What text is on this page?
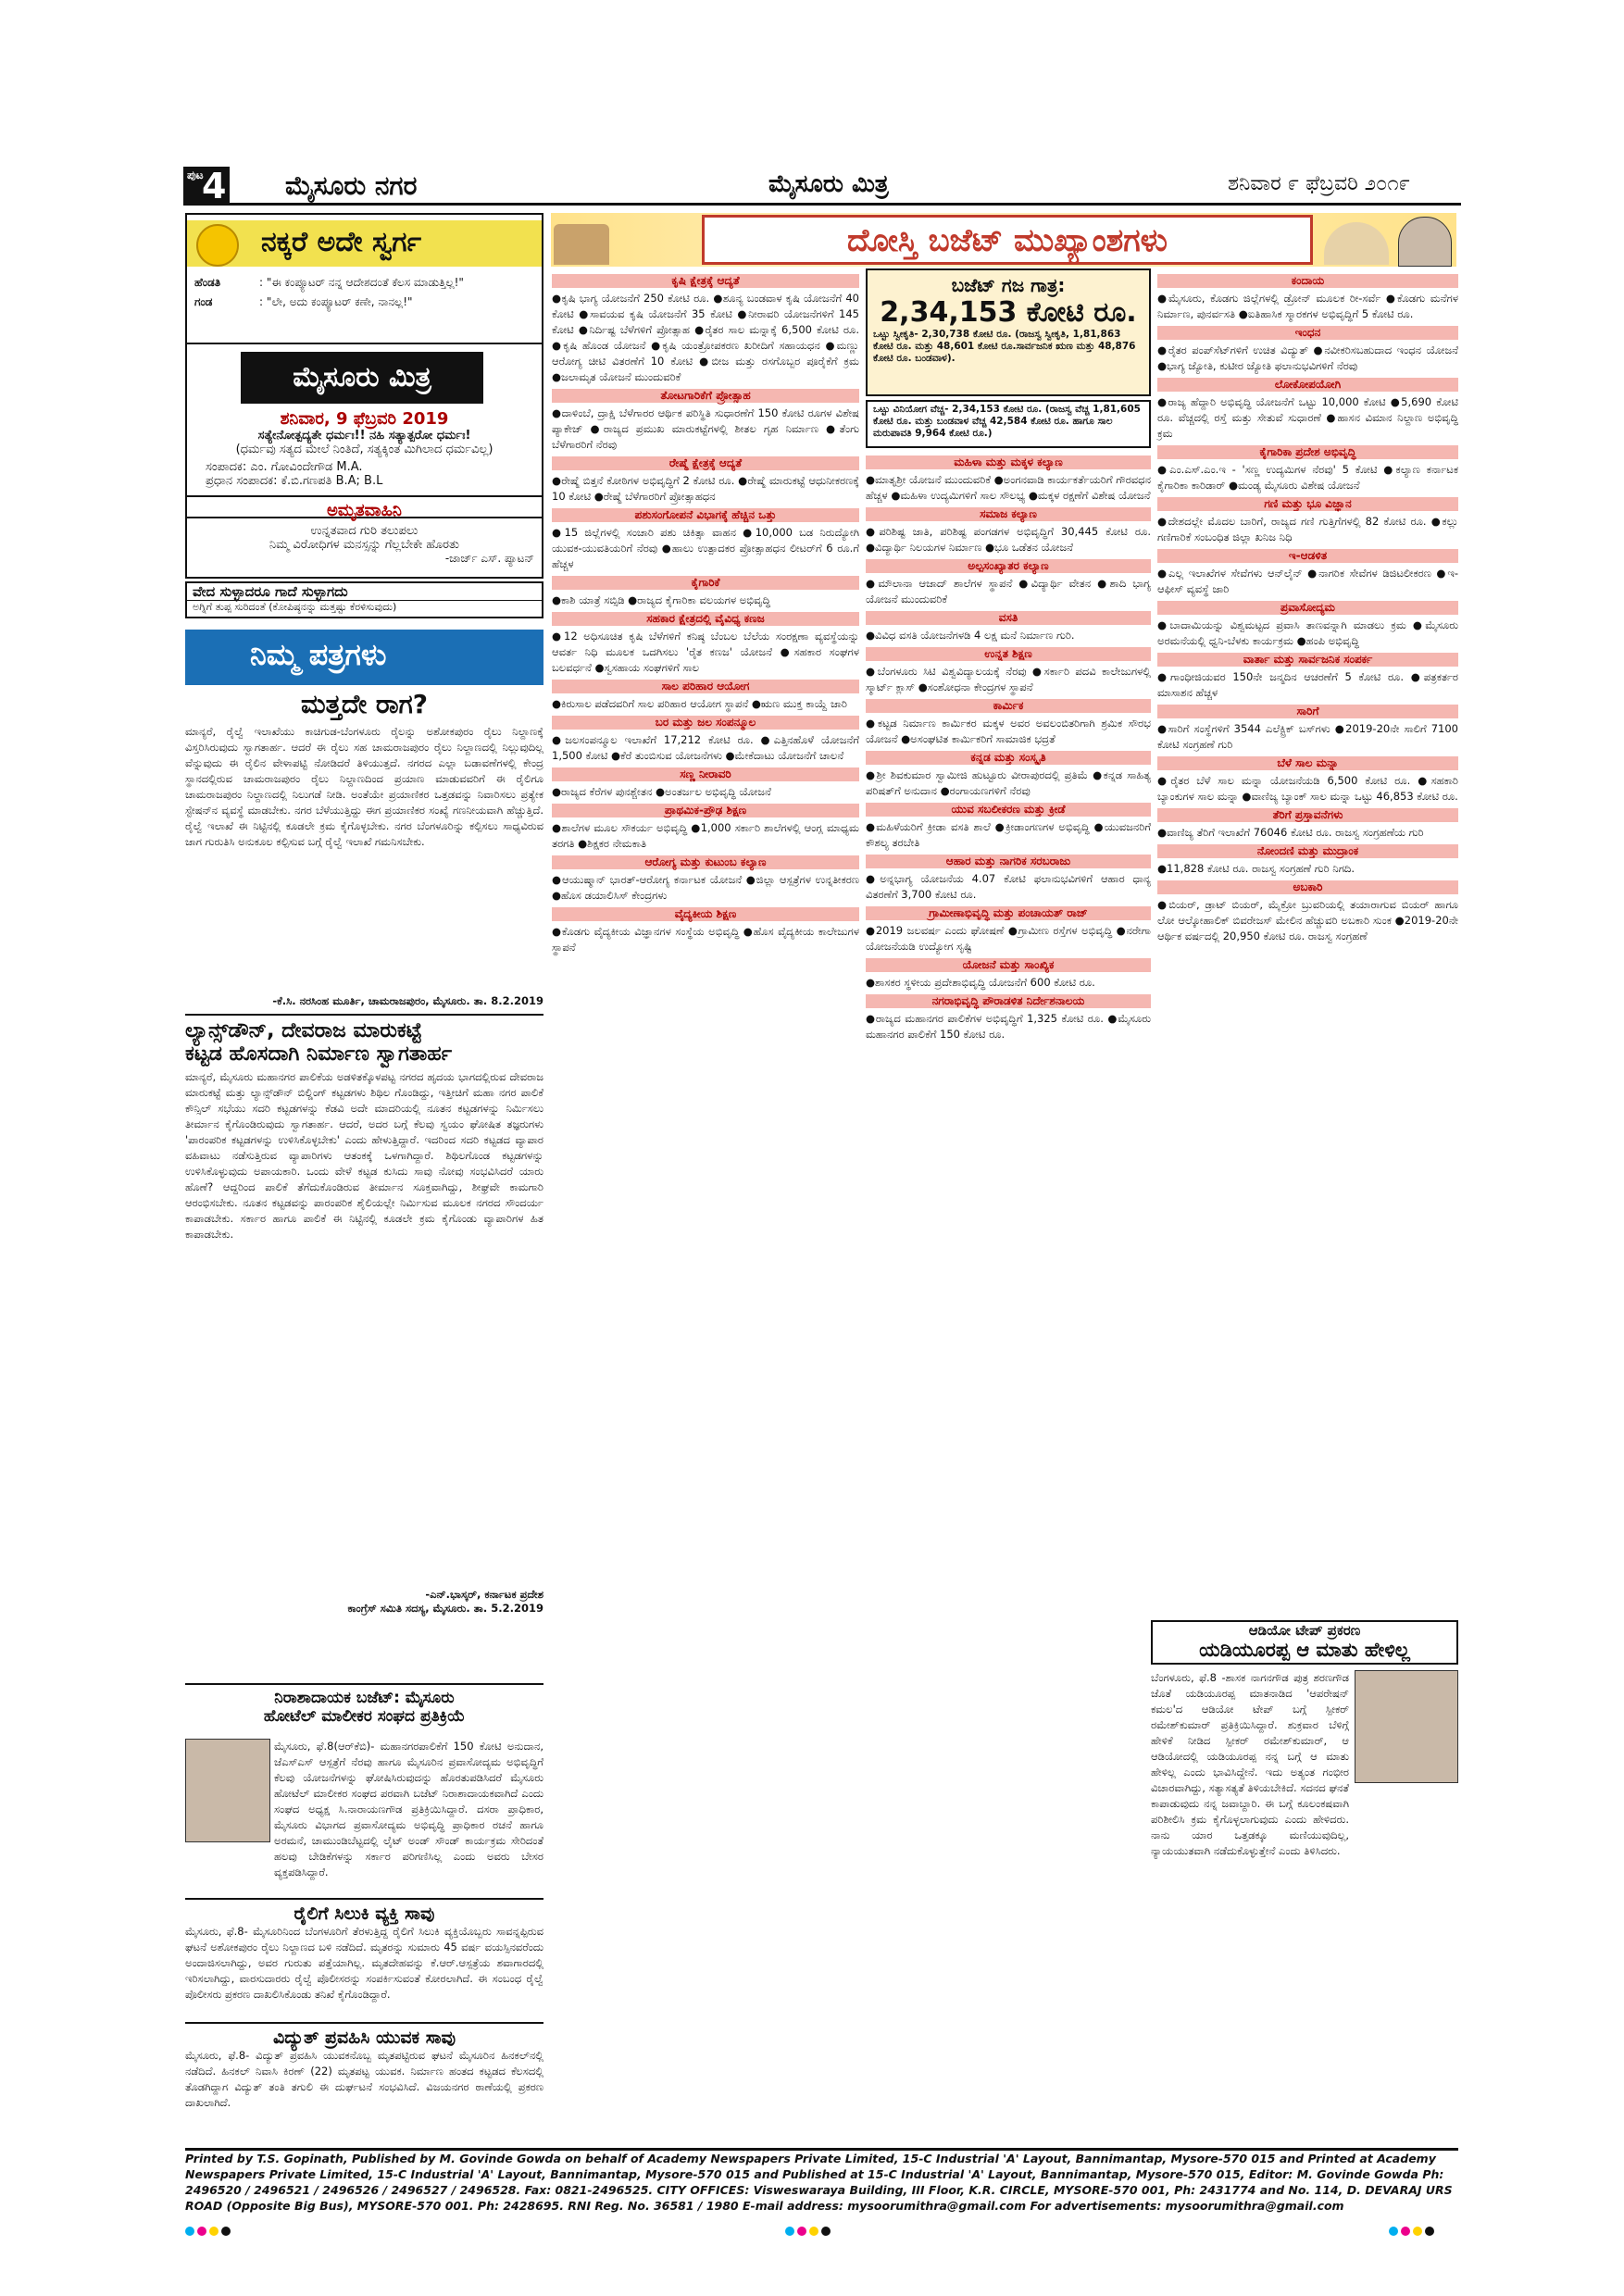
ಪುಟ
4 ಮೈಸೂರು ನಗರ	ಮೈಸೂರು ಮಿತ್ರ	ಶನಿವಾರ ೯ ಫೆಬ್ರವರಿ ೨೦೧೯
ನಕ್ಕರೆ ಅದೇ ಸ್ವರ್ಗ
ಹೆಂಡತಿ	: "ಈ ಕಂಪ್ಯೂಟರ್ ನನ್ನ ಆದೇಶದಂತೆ ಕೆಲಸ ಮಾಡುತ್ತಿಲ್ಲ!"
ಗಂಡ	: "ಲೇ, ಅದು ಕಂಪ್ಯೂಟರ್ ಕಣೇ, ನಾನಲ್ಲ!"
ಮೈಸೂರು ಮಿತ್ರ
ಶನಿವಾರ, 9 ಫೆಬ್ರವರಿ 2019
ಸತ್ಯೇನೋತ್ಪದ್ಯತೇ ಧರ್ಮಃ!! ನಹಿ ಸತ್ಯಾತ್ಪರೋ ಧರ್ಮಃ!
(ಧರ್ಮವು ಸತ್ಯದ ಮೇಲೆ ನಿಂತಿದೆ, ಸತ್ಯಕ್ಕಿಂತ ಮಿಗಿಲಾದ ಧರ್ಮವಿಲ್ಲ)
ಸಂಪಾದಕ: ಎಂ. ಗೋವಿಂದೇಗೌಡ M.A.
ಪ್ರಧಾನ ಸಂಪಾದಕ: ಕೆ.ಬಿ.ಗಣಪತಿ B.A; B.L
ಅಮೃತವಾಹಿನಿ
ಉನ್ನತವಾದ ಗುರಿ ತಲುಪಲು
ನಿಮ್ಮ ವಿರೋಧಿಗಳ ಮನಸ್ಸನ್ನು ಗೆಲ್ಲಬೇಕೇ ಹೊರತು
-ಜಾರ್ಜ್ ಎಸ್. ಪ್ಯಾಟನ್
ವೇದ ಸುಳ್ಳಾದರೂ ಗಾದೆ ಸುಳ್ಳಾಗದು
ಅಗ್ನಿಗೆ ತುಪ್ಪ ಸುರಿದಂತೆ (ಕೋಪಿಷ್ಠನನ್ನು ಮತ್ತಷ್ಟು ಕೆರಳಿಸುವುದು)
ನಿಮ್ಮ ಪತ್ರಗಳು
ಮತ್ತದೇ ರಾಗ?
ಮಾನ್ಯರೆ, ರೈಲ್ವೆ ಇಲಾಖೆಯು ಕಾಚಿಗುಡ-ಬೆಂಗಳೂರು ರೈಲನ್ನು ಅಶೋಕಪುರಂ ರೈಲು ನಿಲ್ದಾಣಕ್ಕೆ ವಿಸ್ತರಿಸಿರುವುದು ಸ್ವಾಗತಾರ್ಹ. ಆದರೆ ಈ ರೈಲು ಸಹ ಚಾಮರಾಜಪುರಂ ರೈಲು ನಿಲ್ದಾಣದಲ್ಲಿ ನಿಲ್ಲುವುದಿಲ್ಲ ವೆನ್ನುವುದು ಈ ರೈಲಿನ ವೇಳಾಪಟ್ಟಿ ನೋಡಿದರೆ ತಿಳಿಯುತ್ತದೆ. ನಗರದ ಎಲ್ಲಾ ಬಡಾವಣೆಗಳಲ್ಲಿ ಕೇಂದ್ರ ಸ್ಥಾನದಲ್ಲಿರುವ ಚಾಮರಾಜಪುರಂ ರೈಲು ನಿಲ್ದಾಣದಿಂದ ಪ್ರಯಾಣ ಮಾಡುವವರಿಗೆ ಈ ರೈಲಿಗೂ ಚಾಮರಾಜಪುರಂ ನಿಲ್ದಾಣದಲ್ಲಿ ನಿಲುಗಡೆ ನೀಡಿ. ಅಂತೆಯೇ ಪ್ರಯಾಣಿಕರ ಒತ್ತಡವನ್ನು ನಿವಾರಿಸಲು ಪ್ರತ್ಯೇಕ ಸ್ಟೇಷನ್‌ನ ವ್ಯವಸ್ಥೆ ಮಾಡಬೇಕು. ನಗರ ಬೆಳೆಯುತ್ತಿದ್ದು ಈಗ ಪ್ರಯಾಣಿಕರ ಸಂಖ್ಯೆ ಗಣನೀಯವಾಗಿ ಹೆಚ್ಚುತ್ತಿದೆ. ರೈಲ್ವೆ ಇಲಾಖೆ ಈ ನಿಟ್ಟಿನಲ್ಲಿ ಕೂಡಲೇ ಕ್ರಮ ಕೈಗೊಳ್ಳಬೇಕು. ನಗರ ಬೆಂಗಳೂರಿನ್ನು ಕಲ್ಪಿಸಲು ಸಾಧ್ಯವಿರುವ ಜಾಗ ಗುರುತಿಸಿ ಅನುಕೂಲ ಕಲ್ಪಿಸುವ ಬಗ್ಗೆ ರೈಲ್ವೆ ಇಲಾಖೆ ಗಮನಿಸಬೇಕು.
-ಕೆ.ಸಿ. ನರಸಿಂಹ ಮೂರ್ತಿ, ಚಾಮರಾಜಪುರಂ, ಮೈಸೂರು. ತಾ. 8.2.2019
ಲ್ಯಾನ್ಸ್‌ಡೌನ್, ದೇವರಾಜ ಮಾರುಕಟ್ಟೆ
ಕಟ್ಟಡ ಹೊಸದಾಗಿ ನಿರ್ಮಾಣ ಸ್ವಾಗತಾರ್ಹ
ಮಾನ್ಯರೆ, ಮೈಸೂರು ಮಹಾನಗರ ಪಾಲಿಕೆಯ ಅಡಳಿತಕ್ಕೊಳಪಟ್ಟ ನಗರದ ಹೃದಯ ಭಾಗದಲ್ಲಿರುವ ದೇವರಾಜ ಮಾರುಕಟ್ಟೆ ಮತ್ತು ಲ್ಯಾನ್ಸ್‌ಡೌನ್ ಬಿಲ್ಡಿಂಗ್ ಕಟ್ಟಡಗಳು ಶಿಥಿಲ ಗೊಂಡಿದ್ದು, ಇತ್ತೀಚಿಗೆ ಮಹಾ ನಗರ ಪಾಲಿಕೆ ಕೌನ್ಸಿಲ್ ಸಭೆಯು ಸದರಿ ಕಟ್ಟಡಗಳನ್ನು ಕೆಡವಿ ಅದೇ ಮಾದರಿಯಲ್ಲಿ ನೂತನ ಕಟ್ಟಡಗಳನ್ನು ನಿರ್ಮಿಸಲು ತೀರ್ಮಾನ ಕೈಗೊಂಡಿರುವುದು ಸ್ವಾಗತಾರ್ಹ. ಆದರೆ, ಅದರ ಬಗ್ಗೆ ಕೆಲವು ಸ್ವಯಂ ಘೋಷಿತ ತಜ್ಞರುಗಳು 'ಪಾರಂಪರಿಕ ಕಟ್ಟಡಗಳನ್ನು ಉಳಿಸಿಕೊಳ್ಳಬೇಕು' ಎಂದು ಹೇಳುತ್ತಿದ್ದಾರೆ. ಇದರಿಂದ ಸದರಿ ಕಟ್ಟಡದ ವ್ಯಾಪಾರ ವಹಿವಾಟು ನಡೆಸುತ್ತಿರುವ ವ್ಯಾಪಾರಿಗಳು ಆತಂಕಕ್ಕೆ ಒಳಗಾಗಿದ್ದಾರೆ. ಶಿಥಿಲಗೊಂಡ ಕಟ್ಟಡಗಳನ್ನು ಉಳಿಸಿಕೊಳ್ಳುವುದು ಅಪಾಯಕಾರಿ. ಒಂದು ವೇಳೆ ಕಟ್ಟಡ ಕುಸಿದು ಸಾವು ನೋವು ಸಂಭವಿಸಿದರೆ ಯಾರು ಹೊಣೆ? ಆದ್ದರಿಂದ ಪಾಲಿಕೆ ತೆಗೆದುಕೊಂಡಿರುವ ತೀರ್ಮಾನ ಸೂಕ್ತವಾಗಿದ್ದು, ಶೀಘ್ರವೇ ಕಾಮಗಾರಿ ಆರಂಭಿಸಬೇಕು. ನೂತನ ಕಟ್ಟಡವನ್ನು ಪಾರಂಪರಿಕ ಶೈಲಿಯಲ್ಲೇ ನಿರ್ಮಿಸುವ ಮೂಲಕ ನಗರದ ಸೌಂದರ್ಯ ಕಾಪಾಡಬೇಕು. ಸರ್ಕಾರ ಹಾಗೂ ಪಾಲಿಕೆ ಈ ನಿಟ್ಟಿನಲ್ಲಿ ಕೂಡಲೇ ಕ್ರಮ ಕೈಗೊಂಡು ವ್ಯಾಪಾರಿಗಳ ಹಿತ ಕಾಪಾಡಬೇಕು.
-ಎನ್.ಭಾಸ್ಕರ್, ಕರ್ನಾಟಕ ಪ್ರದೇಶ
ಕಾಂಗ್ರೆಸ್ ಸಮಿತಿ ಸದಸ್ಯ, ಮೈಸೂರು. ತಾ. 5.2.2019
ನಿರಾಶಾದಾಯಕ ಬಜೆಟ್: ಮೈಸೂರು
ಹೋಟೆಲ್ ಮಾಲೀಕರ ಸಂಘದ ಪ್ರತಿಕ್ರಿಯೆ
ಮೈಸೂರು, ಫೆ.8(ಆರ್‌ಕೆಬಿ)- ಮಹಾನಗರಪಾಲಿಕೆಗೆ 150 ಕೋಟಿ ಅನುದಾನ, ಜೆಎಸ್‌ಎಸ್ ಆಸ್ಪತ್ರೆಗೆ ನೆರವು ಹಾಗೂ ಮೈಸೂರಿನ ಪ್ರವಾಸೋದ್ಯಮ ಅಭಿವೃದ್ಧಿಗೆ ಕೆಲವು ಯೋಜನೆಗಳನ್ನು ಘೋಷಿಸಿರುವುದನ್ನು ಹೊರತುಪಡಿಸಿದರೆ ಮೈಸೂರು ಹೋಟೆಲ್ ಮಾಲೀಕರ ಸಂಘದ ಪರವಾಗಿ ಬಜೆಟ್ ನಿರಾಶಾದಾಯಕವಾಗಿದೆ ಎಂದು ಸಂಘದ ಅಧ್ಯಕ್ಷ ಸಿ.ನಾರಾಯಣಗೌಡ ಪ್ರತಿಕ್ರಿಯಿಸಿದ್ದಾರೆ. ದಸರಾ ಪ್ರಾಧಿಕಾರ, ಮೈಸೂರು ವಿಭಾಗದ ಪ್ರವಾಸೋದ್ಯಮ ಅಭಿವೃದ್ಧಿ ಪ್ರಾಧಿಕಾರ ರಚನೆ ಹಾಗೂ ಅರಮನೆ, ಚಾಮುಂಡಿಬೆಟ್ಟದಲ್ಲಿ ಲೈಟ್ ಅಂಡ್ ಸೌಂಡ್ ಕಾರ್ಯಕ್ರಮ ಸೇರಿದಂತೆ ಹಲವು ಬೇಡಿಕೆಗಳನ್ನು ಸರ್ಕಾರ ಪರಿಗಣಿಸಿಲ್ಲ ಎಂದು ಅವರು ಬೇಸರ ವ್ಯಕ್ತಪಡಿಸಿದ್ದಾರೆ.
ರೈಲಿಗೆ ಸಿಲುಕಿ ವ್ಯಕ್ತಿ ಸಾವು
ಮೈಸೂರು, ಫೆ.8- ಮೈಸೂರಿನಿಂದ ಬೆಂಗಳೂರಿಗೆ ತೆರಳುತ್ತಿದ್ದ ರೈಲಿಗೆ ಸಿಲುಕಿ ವ್ಯಕ್ತಿಯೊಬ್ಬರು ಸಾವನ್ನಪ್ಪಿರುವ ಘಟನೆ ಅಶೋಕಪುರಂ ರೈಲು ನಿಲ್ದಾಣದ ಬಳಿ ನಡೆದಿದೆ. ಮೃತರನ್ನು ಸುಮಾರು 45 ವರ್ಷ ವಯಸ್ಸಿನವರೆಂದು ಅಂದಾಜಿಸಲಾಗಿದ್ದು, ಅವರ ಗುರುತು ಪತ್ತೆಯಾಗಿಲ್ಲ. ಮೃತದೇಹವನ್ನು ಕೆ.ಆರ್.ಆಸ್ಪತ್ರೆಯ ಶವಾಗಾರದಲ್ಲಿ ಇರಿಸಲಾಗಿದ್ದು, ವಾರಸುದಾರರು ರೈಲ್ವೆ ಪೊಲೀಸರನ್ನು ಸಂಪರ್ಕಿಸುವಂತೆ ಕೋರಲಾಗಿದೆ. ಈ ಸಂಬಂಧ ರೈಲ್ವೆ ಪೊಲೀಸರು ಪ್ರಕರಣ ದಾಖಲಿಸಿಕೊಂಡು ತನಿಖೆ ಕೈಗೊಂಡಿದ್ದಾರೆ.
ವಿದ್ಯುತ್ ಪ್ರವಹಿಸಿ ಯುವಕ ಸಾವು
ಮೈಸೂರು, ಫೆ.8- ವಿದ್ಯುತ್ ಪ್ರವಹಿಸಿ ಯುವಕನೊಬ್ಬ ಮೃತಪಟ್ಟಿರುವ ಘಟನೆ ಮೈಸೂರಿನ ಹಿನಕಲ್‌ನಲ್ಲಿ ನಡೆದಿದೆ. ಹಿನಕಲ್ ನಿವಾಸಿ ಕಿರಣ್ (22) ಮೃತಪಟ್ಟ ಯುವಕ. ನಿರ್ಮಾಣ ಹಂತದ ಕಟ್ಟಡದ ಕೆಲಸದಲ್ಲಿ ತೊಡಗಿದ್ದಾಗ ವಿದ್ಯುತ್ ತಂತಿ ತಗುಲಿ ಈ ದುರ್ಘಟನೆ ಸಂಭವಿಸಿದೆ. ವಿಜಯನಗರ ಠಾಣೆಯಲ್ಲಿ ಪ್ರಕರಣ ದಾಖಲಾಗಿದೆ.
ದೋಸ್ತಿ ಬಜೆಟ್ ಮುಖ್ಯಾಂಶಗಳು
ಕೃಷಿ ಕ್ಷೇತ್ರಕ್ಕೆ ಆದ್ಯತೆ
●ಕೃಷಿ ಭಾಗ್ಯ ಯೋಜನೆಗೆ 250 ಕೋಟಿ ರೂ. ●ಶೂನ್ಯ ಬಂಡವಾಳ ಕೃಷಿ ಯೋಜನೆಗೆ 40 ಕೋಟಿ ●ಸಾವಯವ ಕೃಷಿ ಯೋಜನೆಗೆ 35 ಕೋಟಿ ●ನೀರಾವರಿ ಯೋಜನೆಗಳಿಗೆ 145 ಕೋಟಿ ●ನಿರ್ದಿಷ್ಟ ಬೆಳೆಗಳಿಗೆ ಪ್ರೋತ್ಸಾಹ ●ರೈತರ ಸಾಲ ಮನ್ನಾಕ್ಕೆ 6,500 ಕೋಟಿ ರೂ. ●ಕೃಷಿ ಹೊಂಡ ಯೋಜನೆ ●ಕೃಷಿ ಯಂತ್ರೋಪಕರಣ ಖರೀದಿಗೆ ಸಹಾಯಧನ ●ಮಣ್ಣು ಆರೋಗ್ಯ ಚೀಟಿ ವಿತರಣೆಗೆ 10 ಕೋಟಿ ●ಬೀಜ ಮತ್ತು ರಸಗೊಬ್ಬರ ಪೂರೈಕೆಗೆ ಕ್ರಮ ●ಜಲಾಮೃತ ಯೋಜನೆ ಮುಂದುವರಿಕೆ
ತೋಟಗಾರಿಕೆಗೆ ಪ್ರೋತ್ಸಾಹ
●ದಾಳಿಂಬೆ, ದ್ರಾಕ್ಷಿ ಬೆಳೆಗಾರರ ಆರ್ಥಿಕ ಪರಿಸ್ಥಿತಿ ಸುಧಾರಣೆಗೆ 150 ಕೋಟಿ ರೂಗಳ ವಿಶೇಷ ಪ್ಯಾಕೇಜ್ ●ರಾಜ್ಯದ ಪ್ರಮುಖ ಮಾರುಕಟ್ಟೆಗಳಲ್ಲಿ ಶೀತಲ ಗೃಹ ನಿರ್ಮಾಣ ●ತೆಂಗು ಬೆಳೆಗಾರರಿಗೆ ನೆರವು
ರೇಷ್ಮೆ ಕ್ಷೇತ್ರಕ್ಕೆ ಆದ್ಯತೆ
●ರೇಷ್ಮೆ ಬಿತ್ತನೆ ಕೋಠಿಗಳ ಅಭಿವೃದ್ಧಿಗೆ 2 ಕೋಟಿ ರೂ. ●ರೇಷ್ಮೆ ಮಾರುಕಟ್ಟೆ ಆಧುನೀಕರಣಕ್ಕೆ 10 ಕೋಟಿ ●ರೇಷ್ಮೆ ಬೆಳೆಗಾರರಿಗೆ ಪ್ರೋತ್ಸಾಹಧನ
ಪಶುಸಂಗೋಪನೆ ವಿಭಾಗಕ್ಕೆ ಹೆಚ್ಚಿನ ಒತ್ತು
●15 ಜಿಲ್ಲೆಗಳಲ್ಲಿ ಸಂಚಾರಿ ಪಶು ಚಿಕಿತ್ಸಾ ವಾಹನ ●10,000 ಬಡ ನಿರುದ್ಯೋಗಿ ಯುವಕ-ಯುವತಿಯರಿಗೆ ನೆರವು ●ಹಾಲು ಉತ್ಪಾದಕರ ಪ್ರೋತ್ಸಾಹಧನ ಲೀಟರ್‌ಗೆ 6 ರೂ.ಗೆ ಹೆಚ್ಚಳ
ಕೈಗಾರಿಕೆ
●ಕಾಶಿ ಯಾತ್ರೆ ಸಬ್ಸಿಡಿ ●ರಾಜ್ಯದ ಕೈಗಾರಿಕಾ ವಲಯಗಳ ಅಭಿವೃದ್ಧಿ
ಸಹಕಾರ ಕ್ಷೇತ್ರದಲ್ಲಿ ವೈವಿಧ್ಯ ಕಣಜ
●12 ಅಧಿಸೂಚಿತ ಕೃಷಿ ಬೆಳೆಗಳಿಗೆ ಕನಿಷ್ಠ ಬೆಂಬಲ ಬೆಲೆಯ ಸಂರಕ್ಷಣಾ ವ್ಯವಸ್ಥೆಯನ್ನು ಆವರ್ತ ನಿಧಿ ಮೂಲಕ ಒದಗಿಸಲು 'ರೈತ ಕಣಜ' ಯೋಜನೆ ●ಸಹಕಾರ ಸಂಘಗಳ ಬಲವರ್ಧನೆ ●ಸ್ವಸಹಾಯ ಸಂಘಗಳಿಗೆ ಸಾಲ
ಸಾಲ ಪರಿಹಾರ ಆಯೋಗ
●ಕಿರುಸಾಲ ಪಡೆದವರಿಗೆ ಸಾಲ ಪರಿಹಾರ ಆಯೋಗ ಸ್ಥಾಪನೆ ●ಋಣ ಮುಕ್ತ ಕಾಯ್ದೆ ಜಾರಿ
ಬರ ಮತ್ತು ಜಲ ಸಂಪನ್ಮೂಲ
●ಜಲಸಂಪನ್ಮೂಲ ಇಲಾಖೆಗೆ 17,212 ಕೋಟಿ ರೂ. ●ಎತ್ತಿನಹೊಳೆ ಯೋಜನೆಗೆ 1,500 ಕೋಟಿ ●ಕೆರೆ ತುಂಬಿಸುವ ಯೋಜನೆಗಳು ●ಮೇಕೆದಾಟು ಯೋಜನೆಗೆ ಚಾಲನೆ
ಸಣ್ಣ ನೀರಾವರಿ
●ರಾಜ್ಯದ ಕೆರೆಗಳ ಪುನಶ್ಚೇತನ ●ಅಂತರ್ಜಲ ಅಭಿವೃದ್ಧಿ ಯೋಜನೆ
ಪ್ರಾಥಮಿಕ-ಪ್ರೌಢ ಶಿಕ್ಷಣ
●ಶಾಲೆಗಳ ಮೂಲ ಸೌಕರ್ಯ ಅಭಿವೃದ್ಧಿ ●1,000 ಸರ್ಕಾರಿ ಶಾಲೆಗಳಲ್ಲಿ ಆಂಗ್ಲ ಮಾಧ್ಯಮ ತರಗತಿ ●ಶಿಕ್ಷಕರ ನೇಮಕಾತಿ
ಆರೋಗ್ಯ ಮತ್ತು ಕುಟುಂಬ ಕಲ್ಯಾಣ
●ಆಯುಷ್ಮಾನ್ ಭಾರತ್-ಆರೋಗ್ಯ ಕರ್ನಾಟಕ ಯೋಜನೆ ●ಜಿಲ್ಲಾ ಆಸ್ಪತ್ರೆಗಳ ಉನ್ನತೀಕರಣ ●ಹೊಸ ಡಯಾಲಿಸಿಸ್ ಕೇಂದ್ರಗಳು
ವೈದ್ಯಕೀಯ ಶಿಕ್ಷಣ
●ಕೊಡಗು ವೈದ್ಯಕೀಯ ವಿಜ್ಞಾನಗಳ ಸಂಸ್ಥೆಯ ಅಭಿವೃದ್ಧಿ ●ಹೊಸ ವೈದ್ಯಕೀಯ ಕಾಲೇಜುಗಳ ಸ್ಥಾಪನೆ
ಬಜೆಟ್ ಗಜ ಗಾತ್ರ:
2,34,153 ಕೋಟಿ ರೂ.
ಒಟ್ಟು ಸ್ವೀಕೃತಿ- 2,30,738 ಕೋಟಿ ರೂ. (ರಾಜಸ್ವ ಸ್ವೀಕೃತಿ, 1,81,863 ಕೋಟಿ ರೂ. ಮತ್ತು 48,601 ಕೋಟಿ ರೂ.ಸಾರ್ವಜನಿಕ ಋಣ ಮತ್ತು 48,876 ಕೋಟಿ ರೂ. ಬಂಡವಾಳ).
ಒಟ್ಟು ವಿನಿಯೋಗ ವೆಚ್ಚ- 2,34,153 ಕೋಟಿ ರೂ. (ರಾಜಸ್ವ ವೆಚ್ಚ 1,81,605 ಕೋಟಿ ರೂ. ಮತ್ತು ಬಂಡವಾಳ ವೆಚ್ಚ 42,584 ಕೋಟಿ ರೂ. ಹಾಗೂ ಸಾಲ ಮರುಪಾವತಿ 9,964 ಕೋಟಿ ರೂ.)
ಮಹಿಳಾ ಮತ್ತು ಮಕ್ಕಳ ಕಲ್ಯಾಣ
●ಮಾತೃಶ್ರೀ ಯೋಜನೆ ಮುಂದುವರಿಕೆ ●ಅಂಗನವಾಡಿ ಕಾರ್ಯಕರ್ತೆಯರಿಗೆ ಗೌರವಧನ ಹೆಚ್ಚಳ ●ಮಹಿಳಾ ಉದ್ಯಮಿಗಳಿಗೆ ಸಾಲ ಸೌಲಭ್ಯ ●ಮಕ್ಕಳ ರಕ್ಷಣೆಗೆ ವಿಶೇಷ ಯೋಜನೆ
ಸಮಾಜ ಕಲ್ಯಾಣ
●ಪರಿಶಿಷ್ಟ ಜಾತಿ, ಪರಿಶಿಷ್ಟ ಪಂಗಡಗಳ ಅಭಿವೃದ್ಧಿಗೆ 30,445 ಕೋಟಿ ರೂ. ●ವಿದ್ಯಾರ್ಥಿ ನಿಲಯಗಳ ನಿರ್ಮಾಣ ●ಭೂ ಒಡೆತನ ಯೋಜನೆ
ಅಲ್ಪಸಂಖ್ಯಾತರ ಕಲ್ಯಾಣ
●ಮೌಲಾನಾ ಆಜಾದ್ ಶಾಲೆಗಳ ಸ್ಥಾಪನೆ ●ವಿದ್ಯಾರ್ಥಿ ವೇತನ ●ಶಾದಿ ಭಾಗ್ಯ ಯೋಜನೆ ಮುಂದುವರಿಕೆ
ವಸತಿ
●ವಿವಿಧ ವಸತಿ ಯೋಜನೆಗಳಡಿ 4 ಲಕ್ಷ ಮನೆ ನಿರ್ಮಾಣ ಗುರಿ.
ಉನ್ನತ ಶಿಕ್ಷಣ
●ಬೆಂಗಳೂರು ಸಿಟಿ ವಿಶ್ವವಿದ್ಯಾಲಯಕ್ಕೆ ನೆರವು ●ಸರ್ಕಾರಿ ಪದವಿ ಕಾಲೇಜುಗಳಲ್ಲಿ ಸ್ಮಾರ್ಟ್ ಕ್ಲಾಸ್ ●ಸಂಶೋಧನಾ ಕೇಂದ್ರಗಳ ಸ್ಥಾಪನೆ
ಕಾರ್ಮಿಕ
●ಕಟ್ಟಡ ನಿರ್ಮಾಣ ಕಾರ್ಮಿಕರ ಮಕ್ಕಳ ಅವರ ಅವಲಂಬಿತರಿಗಾಗಿ ಶ್ರಮಿಕ ಸೌರಭ ಯೋಜನೆ ●ಅಸಂಘಟಿತ ಕಾರ್ಮಿಕರಿಗೆ ಸಾಮಾಜಿಕ ಭದ್ರತೆ
ಕನ್ನಡ ಮತ್ತು ಸಂಸ್ಕೃತಿ
●ಶ್ರೀ ಶಿವಕುಮಾರ ಸ್ವಾಮೀಜಿ ಹುಟ್ಟೂರು ವೀರಾಪುರದಲ್ಲಿ ಪ್ರತಿಮೆ ●ಕನ್ನಡ ಸಾಹಿತ್ಯ ಪರಿಷತ್‌ಗೆ ಅನುದಾನ ●ರಂಗಾಯಣಗಳಿಗೆ ನೆರವು
ಯುವ ಸಬಲೀಕರಣ ಮತ್ತು ಕ್ರೀಡೆ
●ಮಹಿಳೆಯರಿಗೆ ಕ್ರೀಡಾ ವಸತಿ ಶಾಲೆ ●ಕ್ರೀಡಾಂಗಣಗಳ ಅಭಿವೃದ್ಧಿ ●ಯುವಜನರಿಗೆ ಕೌಶಲ್ಯ ತರಬೇತಿ
ಆಹಾರ ಮತ್ತು ನಾಗರಿಕ ಸರಬರಾಜು
●ಅನ್ನಭಾಗ್ಯ ಯೋಜನೆಯ 4.07 ಕೋಟಿ ಫಲಾನುಭವಿಗಳಿಗೆ ಆಹಾರ ಧಾನ್ಯ ವಿತರಣೆಗೆ 3,700 ಕೋಟಿ ರೂ.
ಗ್ರಾಮೀಣಾಭಿವೃದ್ಧಿ ಮತ್ತು ಪಂಚಾಯತ್ ರಾಜ್
●2019 ಜಲವರ್ಷ ಎಂದು ಘೋಷಣೆ ●ಗ್ರಾಮೀಣ ರಸ್ತೆಗಳ ಅಭಿವೃದ್ಧಿ ●ನರೇಗಾ ಯೋಜನೆಯಡಿ ಉದ್ಯೋಗ ಸೃಷ್ಟಿ
ಯೋಜನೆ ಮತ್ತು ಸಾಂಖ್ಯಿಕ
●ಶಾಸಕರ ಸ್ಥಳೀಯ ಪ್ರದೇಶಾಭಿವೃದ್ಧಿ ಯೋಜನೆಗೆ 600 ಕೋಟಿ ರೂ.
ನಗರಾಭಿವೃದ್ಧಿ ಪೌರಾಡಳಿತ ನಿರ್ದೇಶನಾಲಯ
●ರಾಜ್ಯದ ಮಹಾನಗರ ಪಾಲಿಕೆಗಳ ಅಭಿವೃದ್ಧಿಗೆ 1,325 ಕೋಟಿ ರೂ. ●ಮೈಸೂರು ಮಹಾನಗರ ಪಾಲಿಕೆಗೆ 150 ಕೋಟಿ ರೂ.
ಕಂದಾಯ
●ಮೈಸೂರು, ಕೊಡಗು ಜಿಲ್ಲೆಗಳಲ್ಲಿ ಡ್ರೋನ್ ಮೂಲಕ ರೀ-ಸರ್ವೆ ●ಕೊಡಗು ಮನೆಗಳ ನಿರ್ಮಾಣ, ಪುನರ್ವಸತಿ ●ಐತಿಹಾಸಿಕ ಸ್ಮಾರಕಗಳ ಅಭಿವೃದ್ಧಿಗೆ 5 ಕೋಟಿ ರೂ.
ಇಂಧನ
●ರೈತರ ಪಂಪ್‌ಸೆಟ್‌ಗಳಿಗೆ ಉಚಿತ ವಿದ್ಯುತ್ ●ನವೀಕರಿಸಬಹುದಾದ ಇಂಧನ ಯೋಜನೆ ●ಭಾಗ್ಯ ಜ್ಯೋತಿ, ಕುಟೀರ ಜ್ಯೋತಿ ಫಲಾನುಭವಿಗಳಿಗೆ ನೆರವು
ಲೋಕೋಪಯೋಗಿ
●ರಾಜ್ಯ ಹೆದ್ದಾರಿ ಅಭಿವೃದ್ಧಿ ಯೋಜನೆಗೆ ಒಟ್ಟು 10,000 ಕೋಟಿ ●5,690 ಕೋಟಿ ರೂ. ವೆಚ್ಚದಲ್ಲಿ ರಸ್ತೆ ಮತ್ತು ಸೇತುವೆ ಸುಧಾರಣೆ ●ಹಾಸನ ವಿಮಾನ ನಿಲ್ದಾಣ ಅಭಿವೃದ್ಧಿ ಕ್ರಮ
ಕೈಗಾರಿಕಾ ಪ್ರದೇಶ ಅಭಿವೃದ್ಧಿ
●ಎಂ.ಎಸ್.ಎಂ.ಇ - 'ಸಣ್ಣ ಉದ್ಯಮಿಗಳ ನೆರವು' 5 ಕೋಟಿ ●ಕಲ್ಯಾಣ ಕರ್ನಾಟಕ ಕೈಗಾರಿಕಾ ಕಾರಿಡಾರ್ ●ಮಂಡ್ಯ ಮೈಸೂರು ವಿಶೇಷ ಯೋಜನೆ
ಗಣಿ ಮತ್ತು ಭೂ ವಿಜ್ಞಾನ
●ದೇಶದಲ್ಲೇ ಮೊದಲ ಬಾರಿಗೆ, ರಾಜ್ಯದ ಗಣಿ ಗುತ್ತಿಗೆಗಳಲ್ಲಿ 82 ಕೋಟಿ ರೂ. ●ಕಲ್ಲು ಗಣಿಗಾರಿಕೆ ಸಂಬಂಧಿತ ಜಿಲ್ಲಾ ಖನಿಜ ನಿಧಿ
ಇ-ಆಡಳಿತ
●ಎಲ್ಲ ಇಲಾಖೆಗಳ ಸೇವೆಗಳು ಆನ್‌ಲೈನ್ ●ನಾಗರಿಕ ಸೇವೆಗಳ ಡಿಜಿಟಲೀಕರಣ ●ಇ-ಆಫೀಸ್ ವ್ಯವಸ್ಥೆ ಜಾರಿ
ಪ್ರವಾಸೋದ್ಯಮ
●ಬಾದಾಮಿಯನ್ನು ವಿಶ್ವಮಟ್ಟದ ಪ್ರವಾಸಿ ತಾಣವನ್ನಾಗಿ ಮಾಡಲು ಕ್ರಮ ●ಮೈಸೂರು ಅರಮನೆಯಲ್ಲಿ ಧ್ವನಿ-ಬೆಳಕು ಕಾರ್ಯಕ್ರಮ ●ಹಂಪಿ ಅಭಿವೃದ್ಧಿ
ವಾರ್ತಾ ಮತ್ತು ಸಾರ್ವಜನಿಕ ಸಂಪರ್ಕ
●ಗಾಂಧೀಜಿಯವರ 150ನೇ ಜನ್ಮದಿನ ಆಚರಣೆಗೆ 5 ಕೋಟಿ ರೂ. ●ಪತ್ರಕರ್ತರ ಮಾಸಾಶನ ಹೆಚ್ಚಳ
ಸಾರಿಗೆ
●ಸಾರಿಗೆ ಸಂಸ್ಥೆಗಳಿಗೆ 3544 ಎಲೆಕ್ಟ್ರಿಕ್ ಬಸ್‌ಗಳು ●2019-20ನೇ ಸಾಲಿಗೆ 7100 ಕೋಟಿ ಸಂಗ್ರಹಣೆ ಗುರಿ
ಬೆಳೆ ಸಾಲ ಮನ್ನಾ
●ರೈತರ ಬೆಳೆ ಸಾಲ ಮನ್ನಾ ಯೋಜನೆಯಡಿ 6,500 ಕೋಟಿ ರೂ. ●ಸಹಕಾರಿ ಬ್ಯಾಂಕುಗಳ ಸಾಲ ಮನ್ನಾ ●ವಾಣಿಜ್ಯ ಬ್ಯಾಂಕ್ ಸಾಲ ಮನ್ನಾ ಒಟ್ಟು 46,853 ಕೋಟಿ ರೂ.
ತೆರಿಗೆ ಪ್ರಸ್ತಾವನೆಗಳು
●ವಾಣಿಜ್ಯ ತೆರಿಗೆ ಇಲಾಖೆಗೆ 76046 ಕೋಟಿ ರೂ. ರಾಜಸ್ವ ಸಂಗ್ರಹಣೆಯ ಗುರಿ
ನೋಂದಣಿ ಮತ್ತು ಮುದ್ರಾಂಕ
●11,828 ಕೋಟಿ ರೂ. ರಾಜಸ್ವ ಸಂಗ್ರಹಣೆ ಗುರಿ ನಿಗದಿ.
ಅಬಕಾರಿ
●ಬಿಯರ್, ಡ್ರಾಟ್ ಬಿಯರ್, ಮೈಕ್ರೋ ಬ್ರುವರಿಯಲ್ಲಿ ತಯಾರಾಗುವ ಬಿಯರ್ ಹಾಗೂ ಲೋ ಆಲ್ಕೋಹಾಲಿಕ್ ಬಿವರೇಜಸ್ ಮೇಲಿನ ಹೆಚ್ಚುವರಿ ಅಬಕಾರಿ ಸುಂಕ ●2019-20ನೇ ಆರ್ಥಿಕ ವರ್ಷದಲ್ಲಿ 20,950 ಕೋಟಿ ರೂ. ರಾಜಸ್ವ ಸಂಗ್ರಹಣೆ
ಆಡಿಯೋ ಟೇಪ್ ಪ್ರಕರಣ
ಯಡಿಯೂರಪ್ಪ ಆ ಮಾತು ಹೇಳಿಲ್ಲ
ಬೆಂಗಳೂರು, ಫೆ.8 -ಶಾಸಕ ನಾಗನಗೌಡ ಪುತ್ರ ಶರಣಗೌಡ ಜೊತೆ ಯಡಿಯೂರಪ್ಪ ಮಾತನಾಡಿದ 'ಆಪರೇಷನ್ ಕಮಲ'ದ ಆಡಿಯೋ ಟೇಪ್ ಬಗ್ಗೆ ಸ್ಪೀಕರ್ ರಮೇಶ್‌ಕುಮಾರ್ ಪ್ರತಿಕ್ರಿಯಿಸಿದ್ದಾರೆ. ಶುಕ್ರವಾರ ಬೆಳಿಗ್ಗೆ ಹೇಳಿಕೆ ನೀಡಿದ ಸ್ಪೀಕರ್ ರಮೇಶ್‌ಕುಮಾರ್, ಆ ಆಡಿಯೋದಲ್ಲಿ ಯಡಿಯೂರಪ್ಪ ನನ್ನ ಬಗ್ಗೆ ಆ ಮಾತು ಹೇಳಿಲ್ಲ ಎಂದು ಭಾವಿಸಿದ್ದೇನೆ. ಇದು ಅತ್ಯಂತ ಗಂಭೀರ ವಿಚಾರವಾಗಿದ್ದು, ಸತ್ಯಾಸತ್ಯತೆ ತಿಳಿಯಬೇಕಿದೆ. ಸದನದ ಘನತೆ ಕಾಪಾಡುವುದು ನನ್ನ ಜವಾಬ್ದಾರಿ. ಈ ಬಗ್ಗೆ ಕೂಲಂಕಷವಾಗಿ ಪರಿಶೀಲಿಸಿ ಕ್ರಮ ಕೈಗೊಳ್ಳಲಾಗುವುದು ಎಂದು ಹೇಳಿದರು. ನಾನು ಯಾರ ಒತ್ತಡಕ್ಕೂ ಮಣಿಯುವುದಿಲ್ಲ, ನ್ಯಾಯಯುತವಾಗಿ ನಡೆದುಕೊಳ್ಳುತ್ತೇನೆ ಎಂದು ತಿಳಿಸಿದರು.
Printed by T.S. Gopinath, Published by M. Govinde Gowda on behalf of Academy Newspapers Private Limited, 15-C Industrial 'A' Layout, Bannimantap, Mysore-570 015 and Printed at Academy Newspapers Private Limited, 15-C Industrial 'A' Layout, Bannimantap, Mysore-570 015 and Published at 15-C Industrial 'A' Layout, Bannimantap, Mysore-570 015, Editor: M. Govinde Gowda Ph: 2496520 / 2496521 / 2496526 / 2496527 / 2496528. Fax: 0821-2496525. CITY OFFICES: Visweswaraya Building, III Floor, K.R. CIRCLE, MYSORE-570 001, Ph: 2431774 and No. 114, D. DEVARAJ URS ROAD (Opposite Big Bus), MYSORE-570 001. Ph: 2428695. RNI Reg. No. 36581 / 1980 E-mail address: mysoorumithra@gmail.com For advertisements: mysoorumithra@gmail.com
